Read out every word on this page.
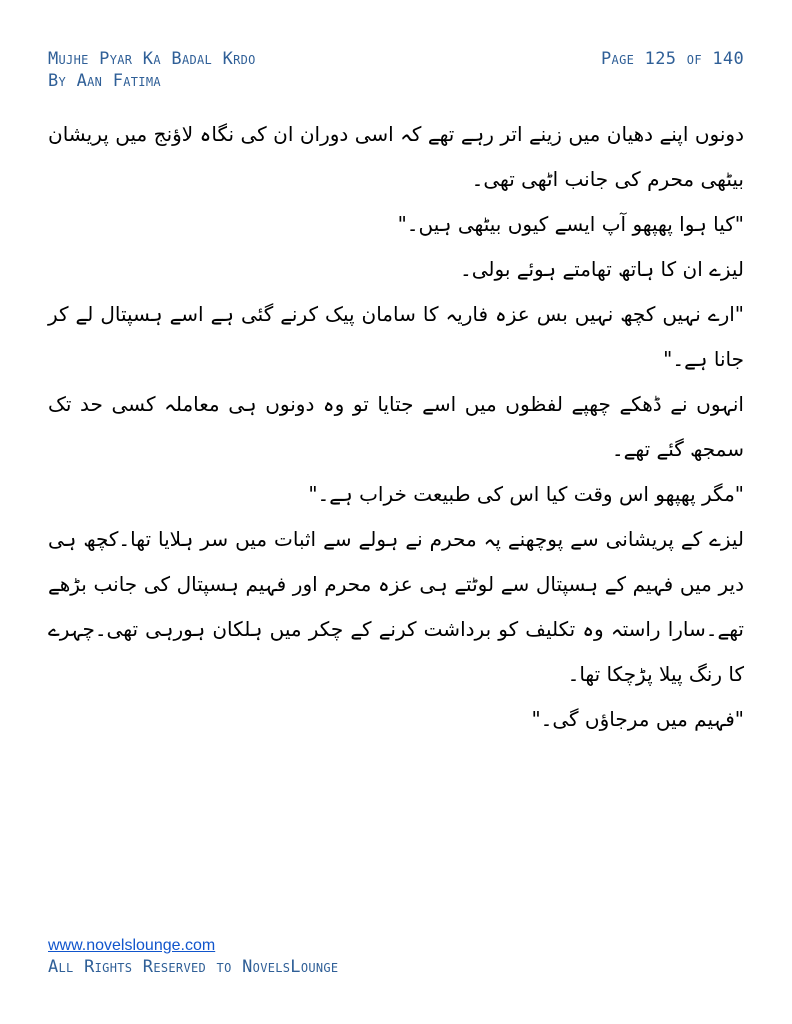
Mujhe Pyar Ka Badal Krdo
By Aan Fatima
Page 125 of 140

دونوں اپنے دھیان میں زینے اتر رہے تھے کہ اسی دوران ان کی نگاہ لاؤنج میں پریشان بیٹھی محرم کی جانب اٹھی تھی۔

"کیا ہوا پھپھو آپ ایسے کیوں بیٹھی ہیں۔"

لیزے ان کا ہاتھ تھامتے ہوئے بولی۔

"ارے نہیں کچھ نہیں بس عزہ فاریہ کا سامان پیک کرنے گئی ہے اسے ہسپتال لے کر جانا ہے۔"

انہوں نے ڈھکے چھپے لفظوں میں اسے جتایا تو وہ دونوں ہی معاملہ کسی حد تک سمجھ گئے تھے۔

"مگر پھپھو اس وقت کیا اس کی طبیعت خراب ہے۔"

لیزے کے پریشانی سے پوچھنے پہ محرم نے ہولے سے اثبات میں سر ہلایا تھا۔کچھ ہی دیر میں فہیم کے ہسپتال سے لوٹتے ہی عزہ محرم اور فہیم ہسپتال کی جانب بڑھے تھے۔سارا راستہ وہ تکلیف کو برداشت کرنے کے چکر میں ہلکان ہورہی تھی۔چہرے کا رنگ پیلا پڑچکا تھا۔

"فہیم میں مرجاؤں گی۔"

www.novelslounge.com
All Rights Reserved to NovelsLounge
